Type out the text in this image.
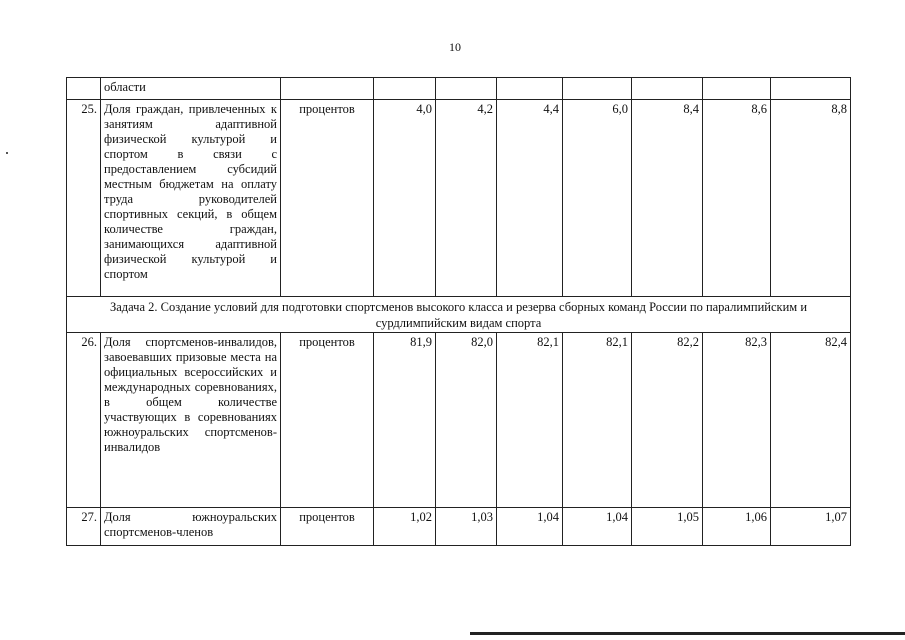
10
	области								
25.	Доля граждан, привлеченных к занятиям адаптивной физической культурой и спортом в связи с предоставлением субсидий местным бюджетам на оплату труда руководителей спортивных секций, в общем количестве граждан, занимающихся адаптивной физической культурой и спортом	процентов	4,0	4,2	4,4	6,0	8,4	8,6	8,8
Задача 2. Создание условий для подготовки спортсменов высокого класса и резерва сборных команд России по паралимпийским и сурдлимпийским видам спорта									
26.	Доля спортсменов-инвалидов, завоевавших призовые места на официальных всероссийских и международных соревнованиях, в общем количестве участвующих в соревнованиях южноуральских спортсменов-инвалидов	процентов	81,9	82,0	82,1	82,1	82,2	82,3	82,4
27.	Доля южноуральских спортсменов-членов	процентов	1,02	1,03	1,04	1,04	1,05	1,06	1,07
